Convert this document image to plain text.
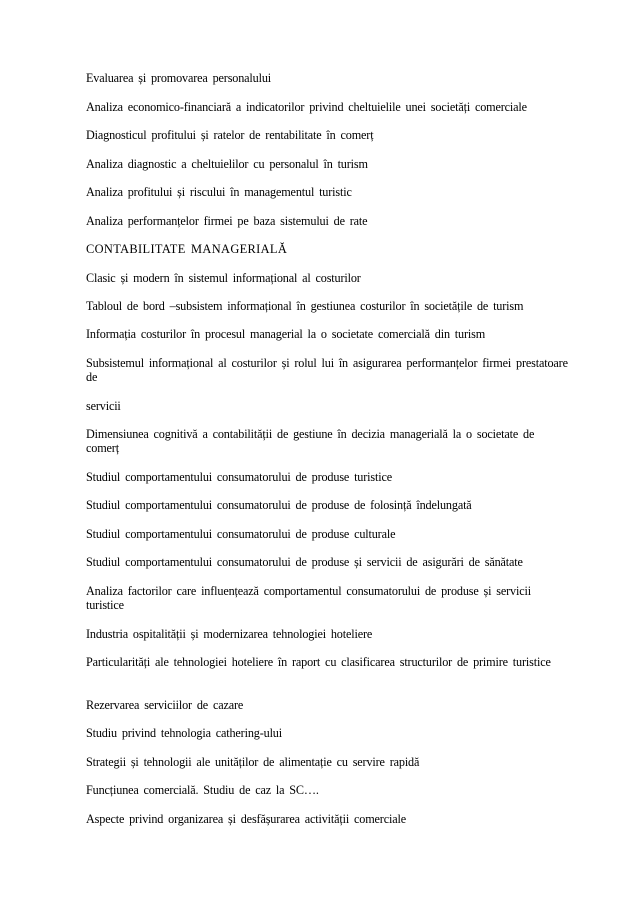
Evaluarea și promovarea personalului

Analiza economico-financiară a indicatorilor privind cheltuielile unei societăți comerciale

Diagnosticul profitului și ratelor de rentabilitate în comerț

Analiza diagnostic a cheltuielilor cu personalul în turism

Analiza profitului și riscului în managementul turistic

Analiza performanțelor firmei pe baza sistemului de rate

CONTABILITATE MANAGERIALĂ

Clasic și modern în sistemul informațional al costurilor

Tabloul de bord –subsistem informațional în gestiunea costurilor în societățile de turism

Informația costurilor în procesul managerial la o societate comercială din turism

Subsistemul informațional al costurilor și rolul lui în asigurarea performanțelor firmei prestatoare de

servicii

Dimensiunea cognitivă a contabilității de gestiune în decizia managerială la o societate de comerț

Studiul comportamentului consumatorului de produse turistice

Studiul comportamentului consumatorului de produse de folosință îndelungată

Studiul comportamentului consumatorului de produse culturale

Studiul comportamentului consumatorului de produse și servicii de asigurări de sănătate

Analiza factorilor care influențează comportamentul consumatorului de produse și servicii turistice

Industria ospitalității și modernizarea tehnologiei hoteliere

Particularități ale tehnologiei hoteliere în raport cu clasificarea structurilor de primire turistice

Rezervarea serviciilor de cazare

Studiu privind tehnologia cathering-ului

Strategii și tehnologii ale unităților de alimentație cu servire rapidă

Funcțiunea comercială. Studiu de caz la SC….

Aspecte privind organizarea și desfășurarea activității comerciale
